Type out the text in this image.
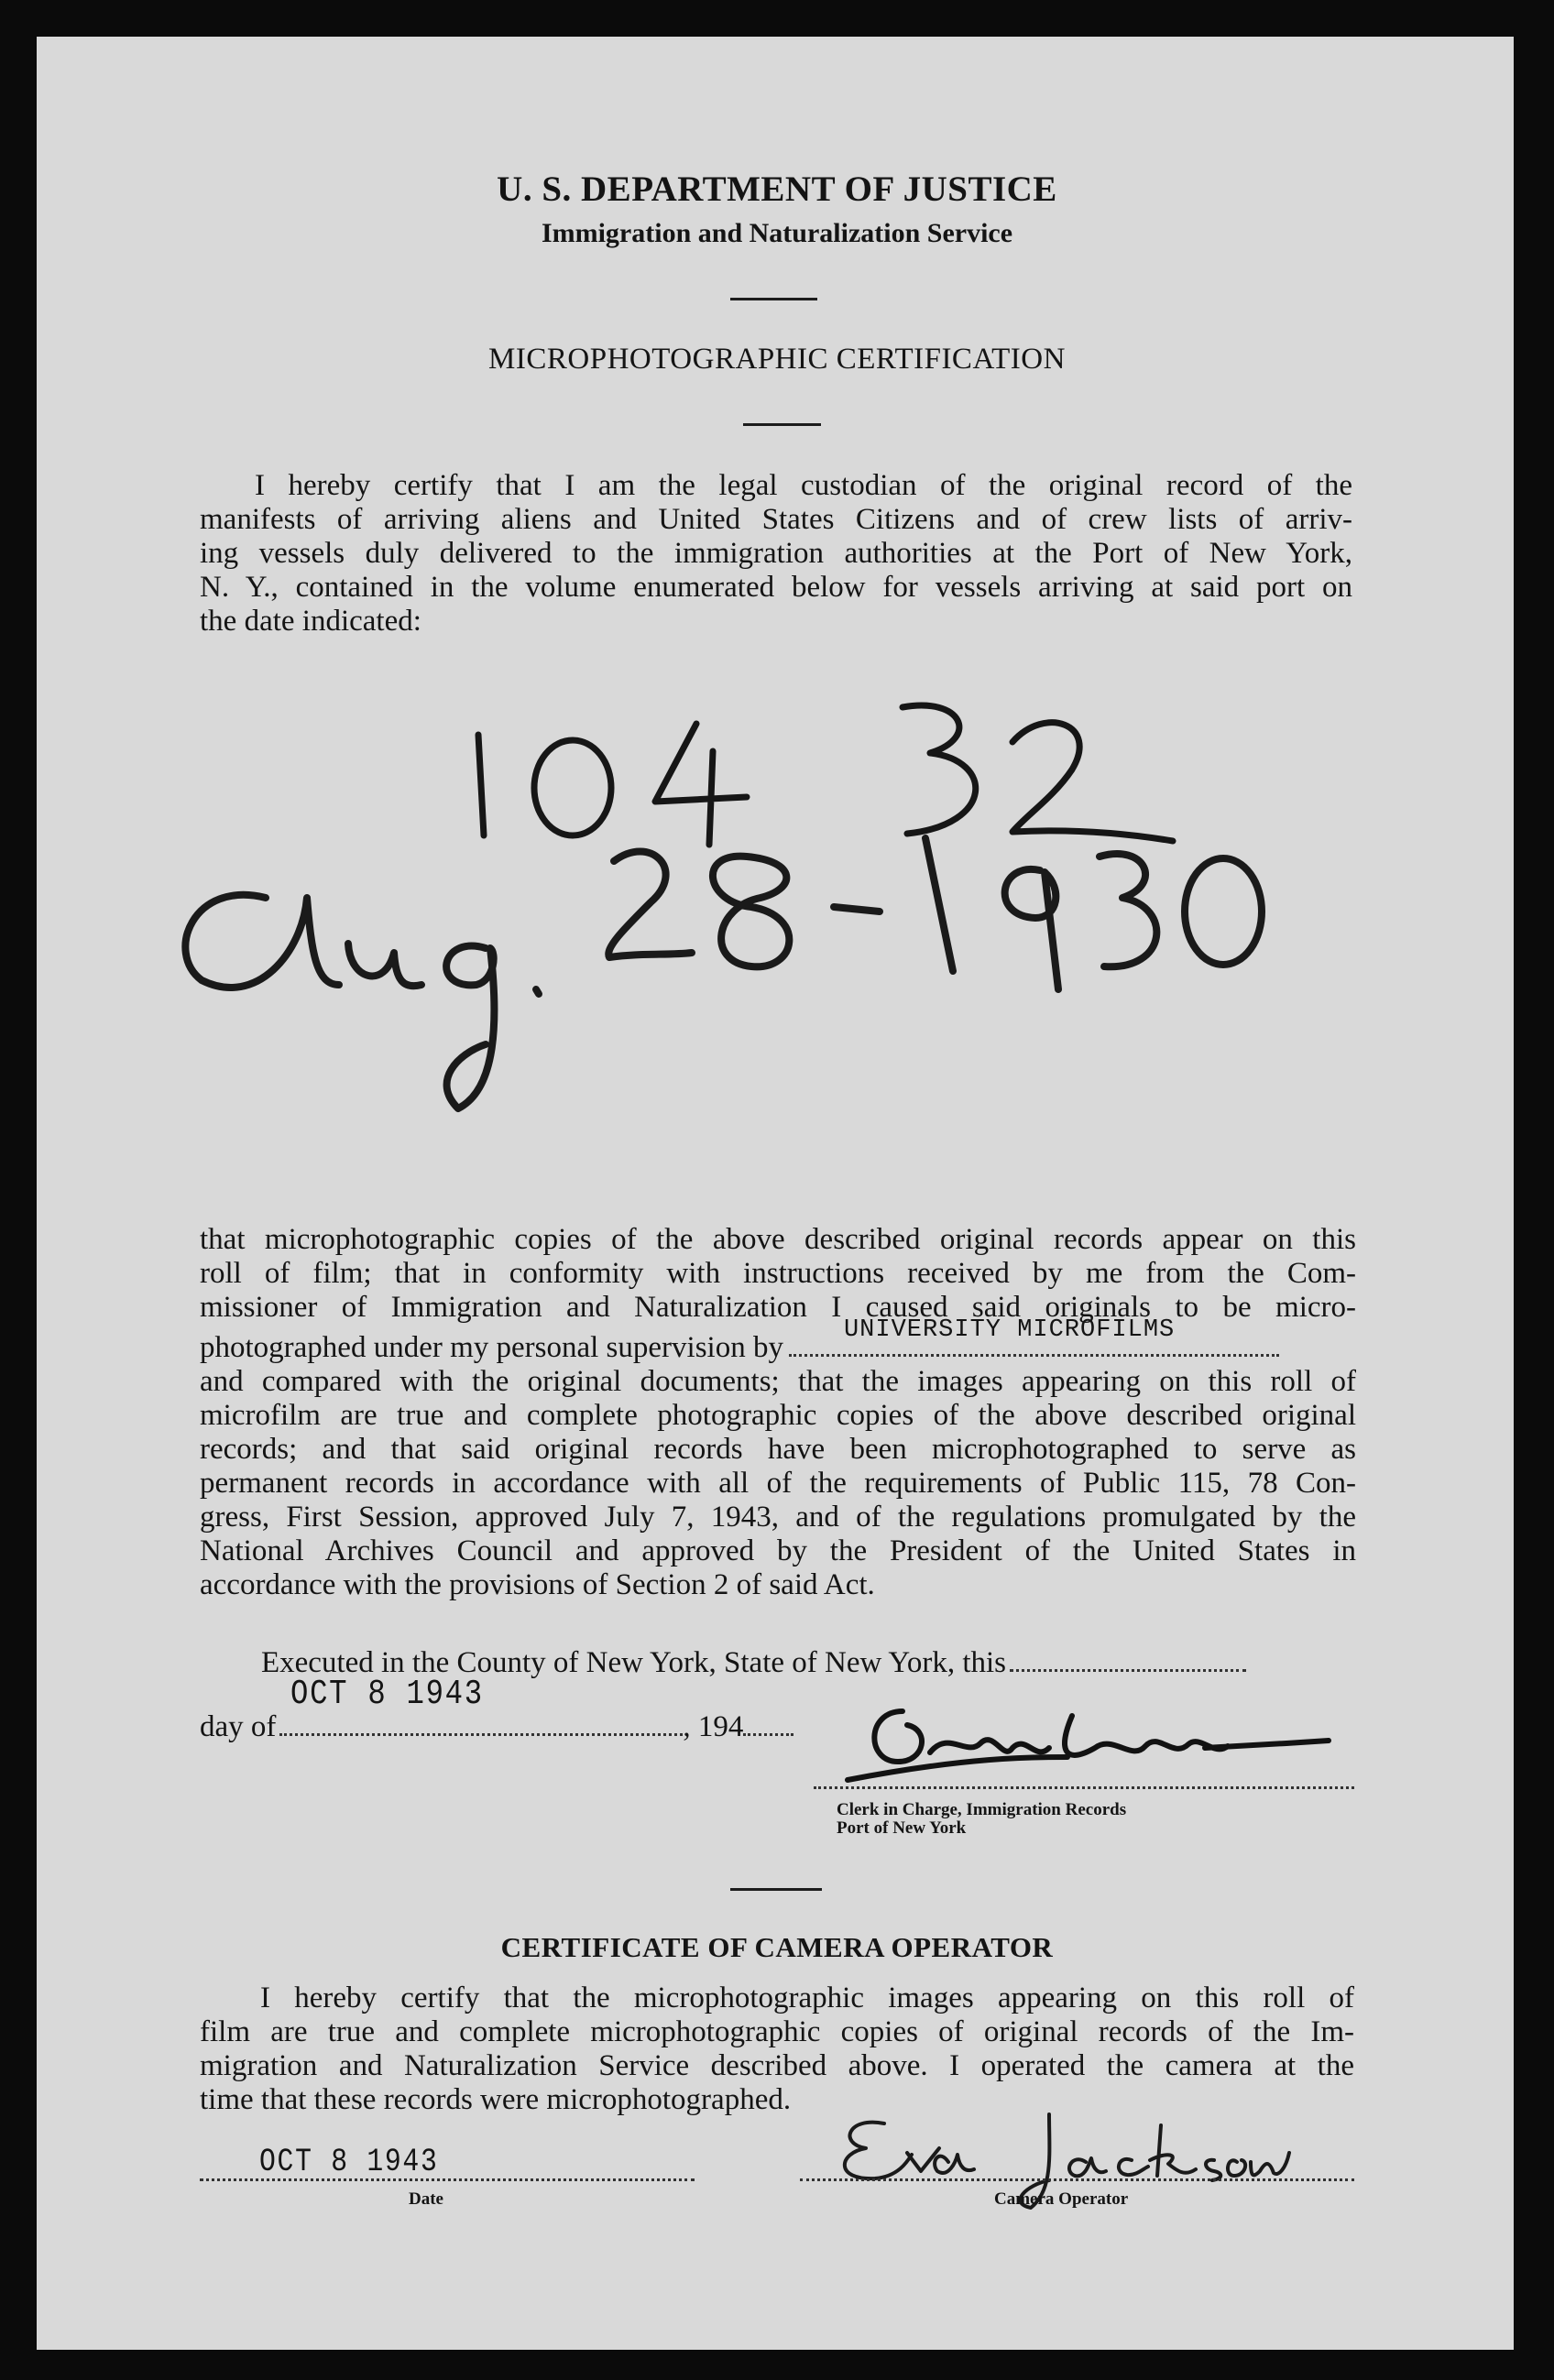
U. S. DEPARTMENT OF JUSTICE
Immigration and Naturalization Service
MICROPHOTOGRAPHIC CERTIFICATION
I hereby certify that I am the legal custodian of the original record of the
manifests of arriving aliens and United States Citizens and of crew lists of arriv-
ing vessels duly delivered to the immigration authorities at the Port of New York,
N. Y., contained in the volume enumerated below for vessels arriving at said port on
the date indicated:
that microphotographic copies of the above described original records appear on this
roll of film; that in conformity with instructions received by me from the Com-
missioner of Immigration and Naturalization I caused said originals to be micro-
photographed under my personal supervision by
UNIVERSITY MICROFILMS
and compared with the original documents; that the images appearing on this roll of
microfilm are true and complete photographic copies of the above described original
records; and that said original records have been microphotographed to serve as
permanent records in accordance with all of the requirements of Public 115, 78 Con-
gress, First Session, approved July 7, 1943, and of the regulations promulgated by the
National Archives Council and approved by the President of the United States in
accordance with the provisions of Section 2 of said Act.
Executed in the County of New York, State of New York, this
day of
OCT 8 1943
, 194
Clerk in Charge, Immigration Records
Port of New York
CERTIFICATE OF CAMERA OPERATOR
I hereby certify that the microphotographic images appearing on this roll of
film are true and complete microphotographic copies of original records of the Im-
migration and Naturalization Service described above. I operated the camera at the
time that these records were microphotographed.
OCT 8 1943
Date	Camera Operator
